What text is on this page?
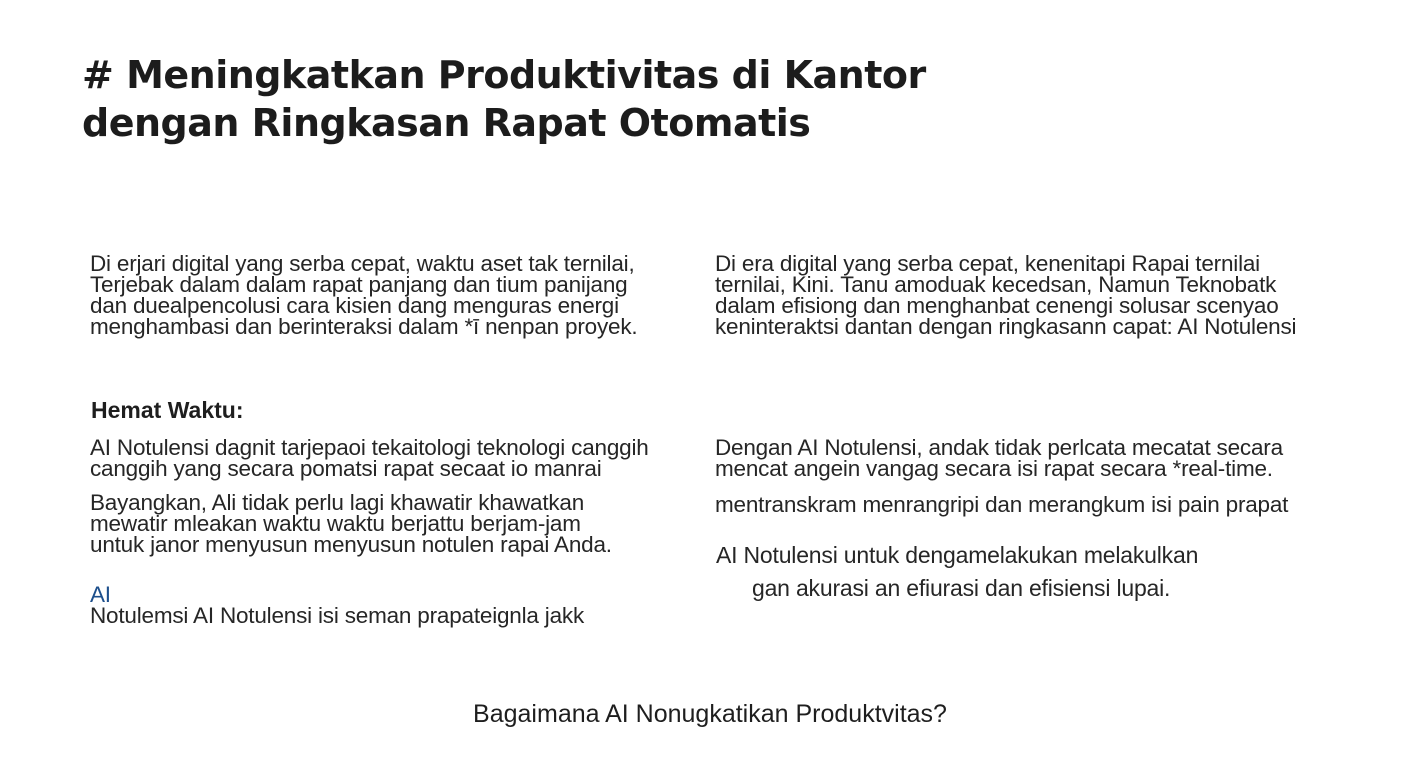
# Meningkatkan Produktivitas di Kantor
dengan Ringkasan Rapat Otomatis

Di erjari digital yang serba cepat, waktu aset tak ternilai,
Terjebak dalam dalam rapat panjang dan tium panijang
dan duealpencolusi cara kisien dang menguras energi
menghambasi dan berinteraksi dalam *ī nenpan proyek.

Di era digital yang serba cepat, kenenitapi Rapai ternilai
ternilai, Kini. Tanu amoduak kecedsan, Namun Teknobatk
dalam efisiong dan menghanbat cenengi solusar scenyao
keninteraktsi dantan dengan ringkasann capat: AI Notulensi

Hemat Waktu:

AI Notulensi dagnit tarjepaoi tekaitologi teknologi canggih
canggih yang secara pomatsi rapat secaat io manrai

Bayangkan, Ali tidak perlu lagi khawatir khawatkan
mewatir mleakan waktu waktu berjattu berjam-jam
untuk janor menyusun menyusun notulen rapai Anda.

AI
Notulemsi AI Notulensi isi seman prapateignla jakk

Dengan AI Notulensi, andak tidak perlcata mecatat secara
mencat angein vangag secara isi rapat secara *real-time.

mentranskram menrangripi dan merangkum isi pain prapat

AI Notulensi untuk dengamelakukan melakulkan
gan akurasi an efiurasi dan efisiensi lupai.

Bagaimana AI Nonugkatikan Produktvitas?
